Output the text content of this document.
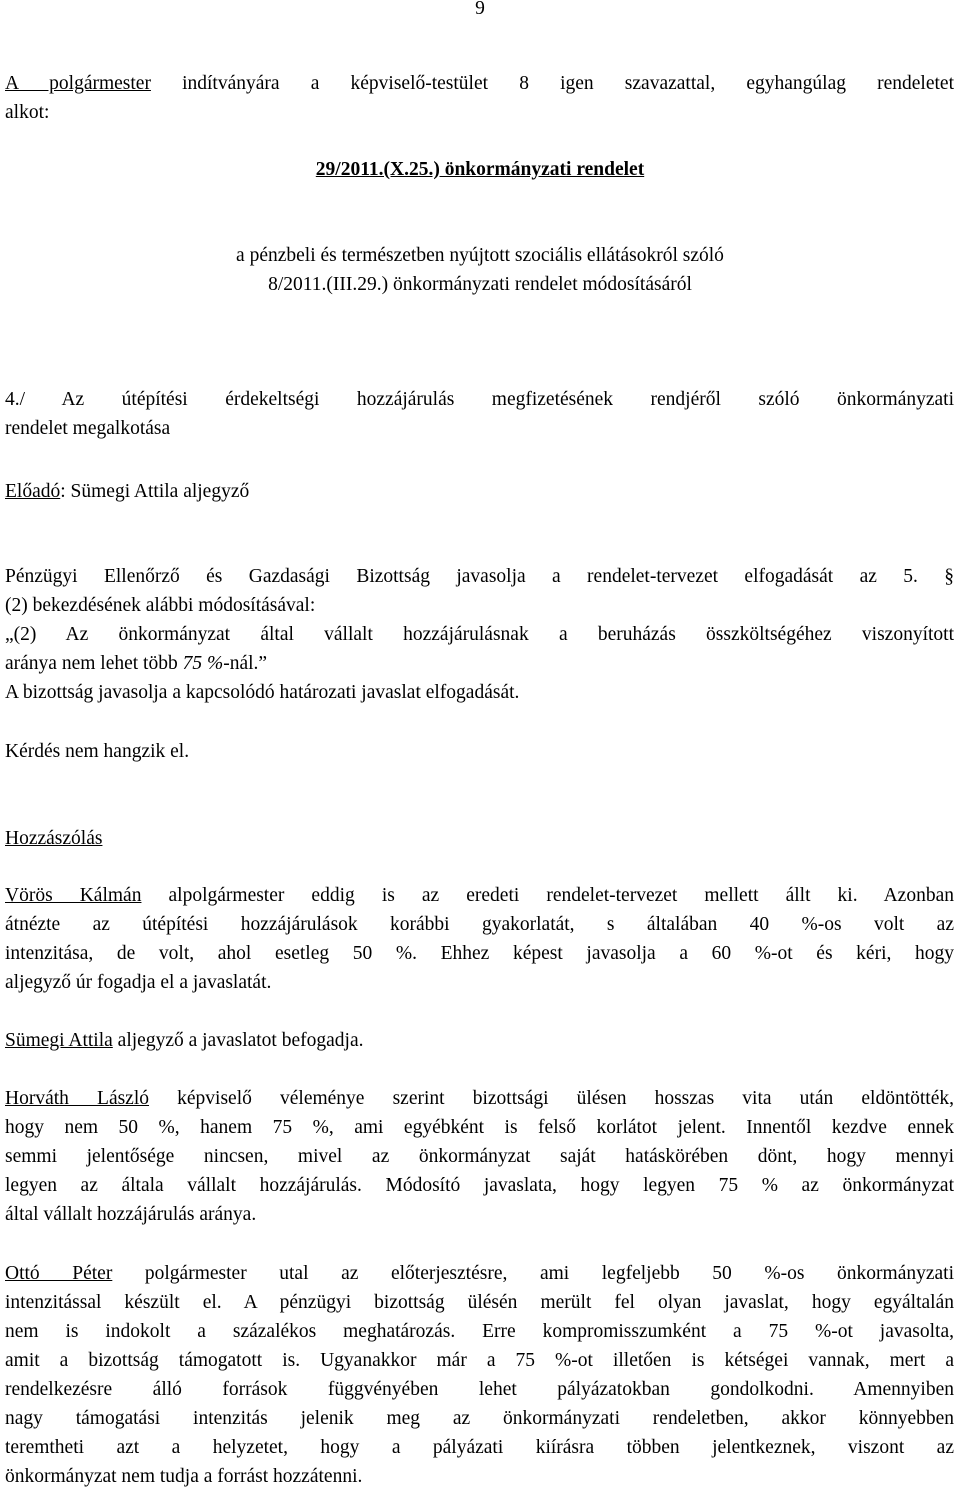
9
A polgármester indítványára a képviselő-testület 8 igen szavazattal, egyhangúlag rendeletet
alkot:

29/2011.(X.25.) önkormányzati rendelet

a pénzbeli és természetben nyújtott szociális ellátásokról szóló

8/2011.(III.29.) önkormányzati rendelet módosításáról

4./ Az útépítési érdekeltségi hozzájárulás megfizetésének rendjéről szóló önkormányzati
rendelet megalkotása
Előadó: Sümegi Attila aljegyző
Pénzügyi Ellenőrző és Gazdasági Bizottság javasolja a rendelet-tervezet elfogadását az 5. §
(2) bekezdésének alábbi módosításával:
„(2) Az önkormányzat által vállalt hozzájárulásnak a beruházás összköltségéhez viszonyított
aránya nem lehet több 75 %-nál.”
A bizottság javasolja a kapcsolódó határozati javaslat elfogadását.
Kérdés nem hangzik el.
Hozzászólás
Vörös Kálmán alpolgármester eddig is az eredeti rendelet-tervezet mellett állt ki. Azonban
átnézte az útépítési hozzájárulások korábbi gyakorlatát, s általában 40 %-os volt az
intenzitása, de volt, ahol esetleg 50 %. Ehhez képest javasolja a 60 %-ot és kéri, hogy
aljegyző úr fogadja el a javaslatát.
Sümegi Attila aljegyző a javaslatot befogadja.
Horváth László képviselő véleménye szerint bizottsági ülésen hosszas vita után eldöntötték,
hogy nem 50 %, hanem 75 %, ami egyébként is felső korlátot jelent. Innentől kezdve ennek
semmi jelentősége nincsen, mivel az önkormányzat saját hatáskörében dönt, hogy mennyi
legyen az általa vállalt hozzájárulás. Módosító javaslata, hogy legyen 75 % az önkormányzat
által vállalt hozzájárulás aránya.
Ottó Péter polgármester utal az előterjesztésre, ami legfeljebb 50 %-os önkormányzati
intenzitással készült el. A pénzügyi bizottság ülésén merült fel olyan javaslat, hogy egyáltalán
nem is indokolt a százalékos meghatározás. Erre kompromisszumként a 75 %-ot javasolta,
amit a bizottság támogatott is. Ugyanakkor már a 75 %-ot illetően is kétségei vannak, mert a
rendelkezésre álló források függvényében lehet pályázatokban gondolkodni. Amennyiben
nagy támogatási intenzitás jelenik meg az önkormányzati rendeletben, akkor könnyebben
teremtheti azt a helyzetet, hogy a pályázati kiírásra többen jelentkeznek, viszont az
önkormányzat nem tudja a forrást hozzátenni.
